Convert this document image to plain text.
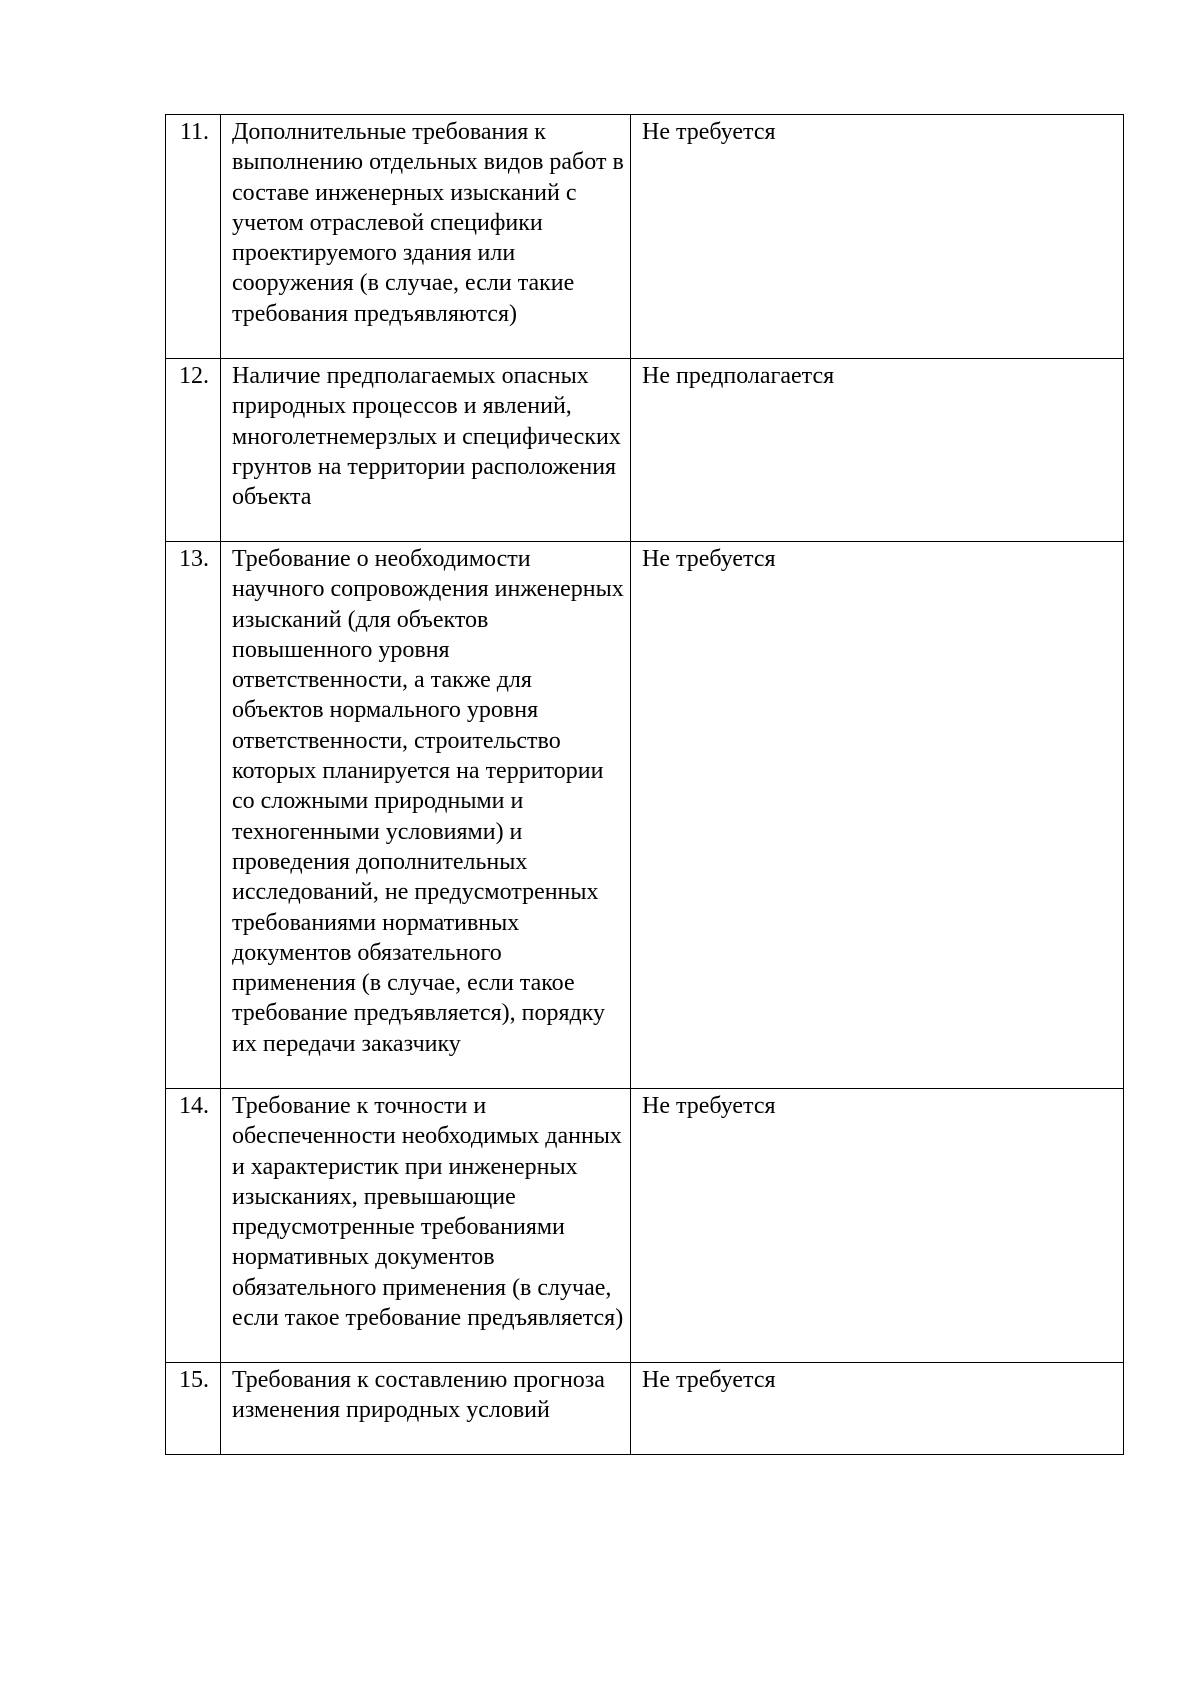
11.	Дополнительные требования к выполнению отдельных видов работ в составе инженерных изысканий с учетом отраслевой специфики проектируемого здания или сооружения (в случае, если такие требования предъявляются)	Не требуется

12.	Наличие предполагаемых опасных природных процессов и явлений, многолетнемерзлых и специфических грунтов на территории расположения объекта	Не предполагается

13.	Требование о необходимости научного сопровождения инженерных изысканий (для объектов повышенного уровня ответственности, а также для объектов нормального уровня ответственности, строительство которых планируется на территории со сложными природными и техногенными условиями) и проведения дополнительных исследований, не предусмотренных требованиями нормативных документов обязательного применения (в случае, если такое требование предъявляется), порядку их передачи заказчику	Не требуется

14.	Требование к точности и обеспеченности необходимых данных и характеристик при инженерных изысканиях, превышающие предусмотренные требованиями нормативных документов обязательного применения (в случае, если такое требование предъявляется)	Не требуется

15.	Требования к составлению прогноза изменения природных условий	Не требуется
